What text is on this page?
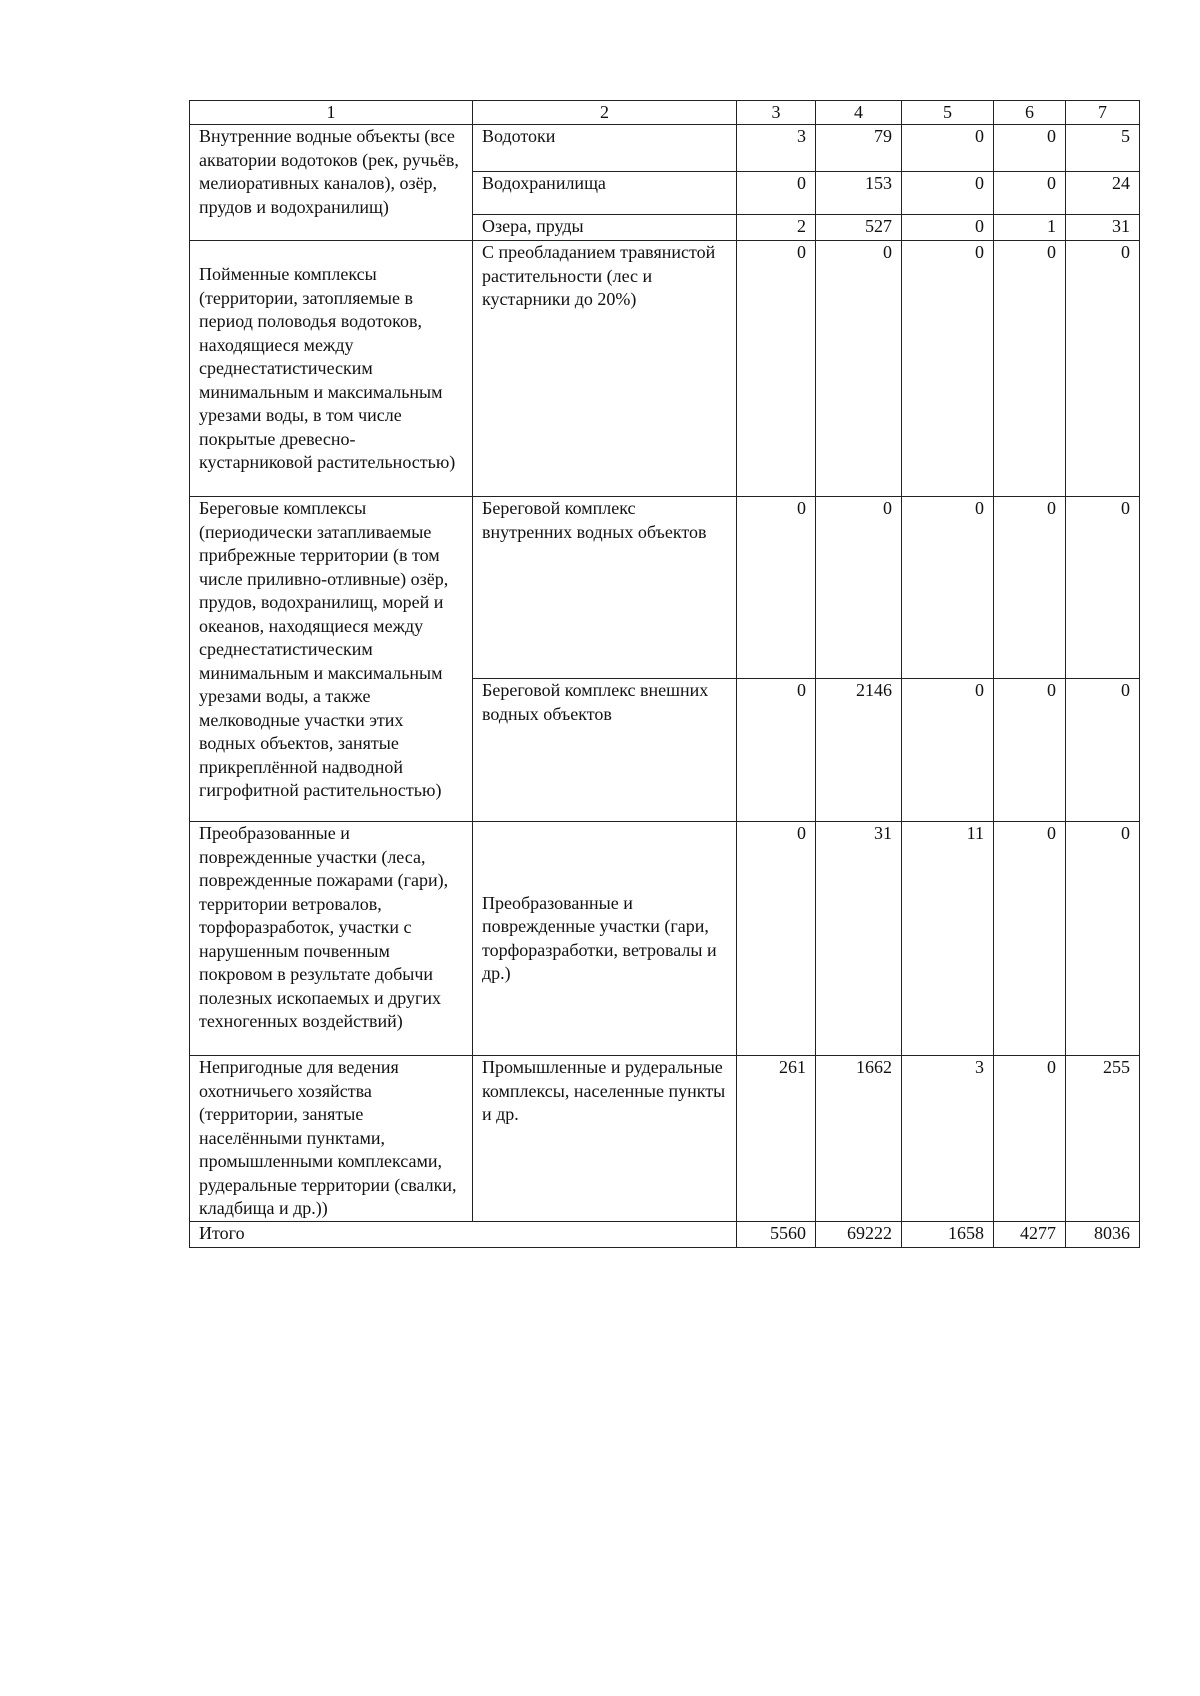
1	2	3	4	5	6	7
Внутренние водные объекты (все акватории водотоков (рек, ручьёв, мелиоративных каналов), озёр, прудов и водохранилищ)	Водотоки	3	79	0	0	5
	Водохранилища	0	153	0	0	24
	Озера, пруды	2	527	0	1	31
Пойменные комплексы (территории, затопляемые в период половодья водотоков, находящиеся между среднестатистическим минимальным и максимальным урезами воды, в том числе покрытые древесно-кустарниковой растительностью)	С преобладанием травянистой растительности (лес и кустарники до 20%)	0	0	0	0	0
Береговые комплексы (периодически затапливаемые прибрежные территории (в том числе приливно-отливные) озёр, прудов, водохранилищ, морей и океанов, находящиеся между среднестатистическим минимальным и максимальным урезами воды, а также мелководные участки этих водных объектов, занятые прикреплённой надводной гигрофитной растительностью)	Береговой комплекс внутренних водных объектов	0	0	0	0	0
	Береговой комплекс внешних водных объектов	0	2146	0	0	0
Преобразованные и поврежденные участки (леса, поврежденные пожарами (гари), территории ветровалов, торфоразработок, участки с нарушенным почвенным покровом в результате добычи полезных ископаемых и других техногенных воздействий)	Преобразованные и поврежденные участки (гари, торфоразработки, ветровалы и др.)	0	31	11	0	0
Непригодные для ведения охотничьего хозяйства (территории, занятые населёнными пунктами, промышленными комплексами, рудеральные территории (свалки, кладбища и др.))	Промышленные и рудеральные комплексы, населенные пункты и др.	261	1662	3	0	255
Итого		5560	69222	1658	4277	8036
